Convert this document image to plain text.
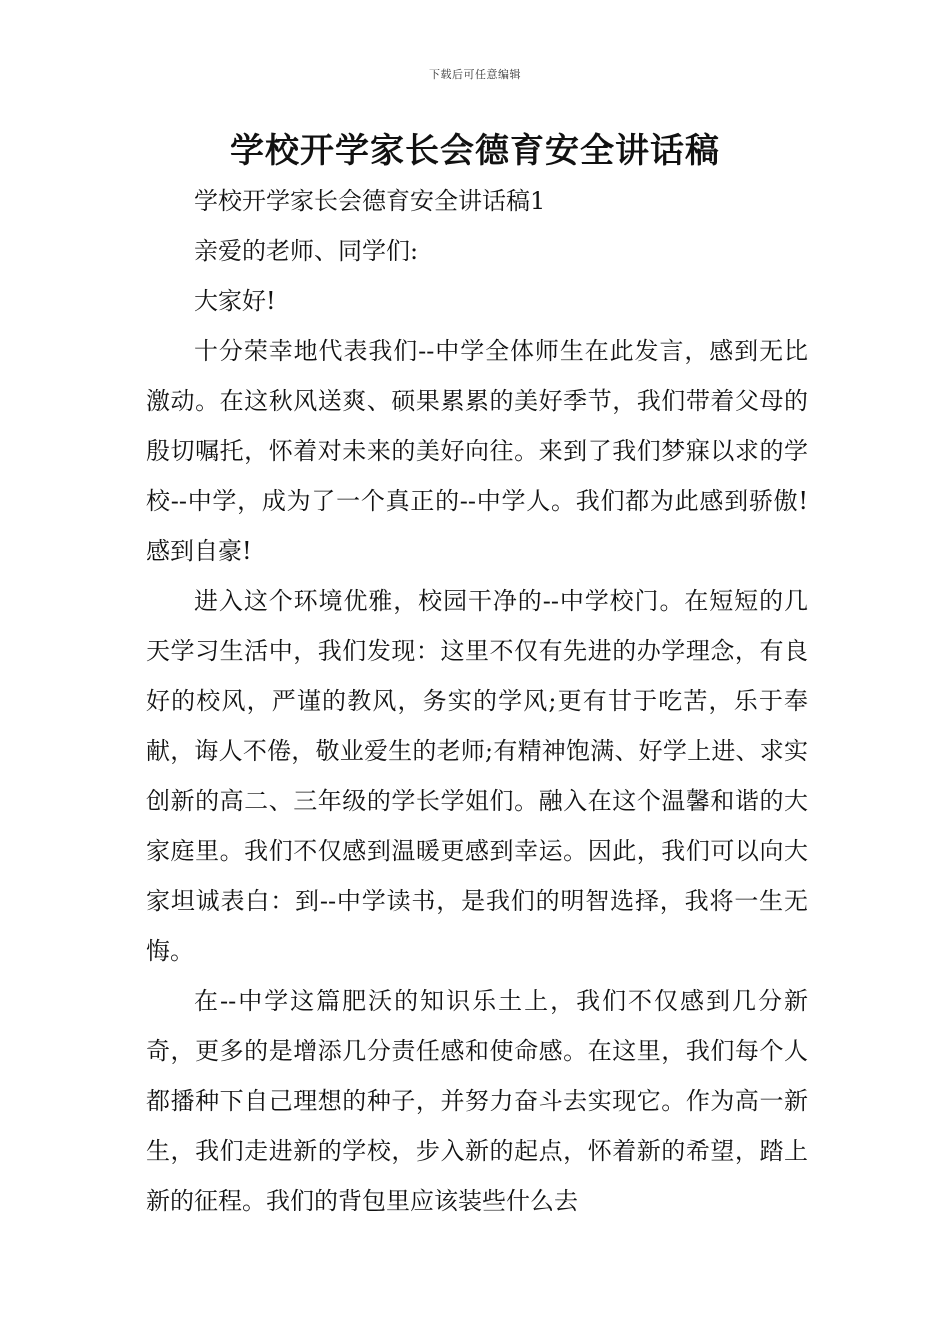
下载后可任意编辑
学校开学家长会德育安全讲话稿

学校开学家长会德育安全讲话稿1

亲爱的老师、同学们:

大家好!

十分荣幸地代表我们--中学全体师生在此发言，感到无比激动。在这秋风送爽、硕果累累的美好季节，我们带着父母的殷切嘱托，怀着对未来的美好向往。来到了我们梦寐以求的学校--中学，成为了一个真正的--中学人。我们都为此感到骄傲!感到自豪!

进入这个环境优雅，校园干净的--中学校门。在短短的几天学习生活中，我们发现：这里不仅有先进的办学理念，有良好的校风，严谨的教风，务实的学风;更有甘于吃苦，乐于奉献，诲人不倦，敬业爱生的老师;有精神饱满、好学上进、求实创新的高二、三年级的学长学姐们。融入在这个温馨和谐的大家庭里。我们不仅感到温暖更感到幸运。因此，我们可以向大家坦诚表白：到--中学读书，是我们的明智选择，我将一生无悔。

在--中学这篇肥沃的知识乐土上，我们不仅感到几分新奇，更多的是增添几分责任感和使命感。在这里，我们每个人都播种下自己理想的种子，并努力奋斗去实现它。作为高一新生，我们走进新的学校，步入新的起点，怀着新的希望，踏上新的征程。我们的背包里应该装些什么去
